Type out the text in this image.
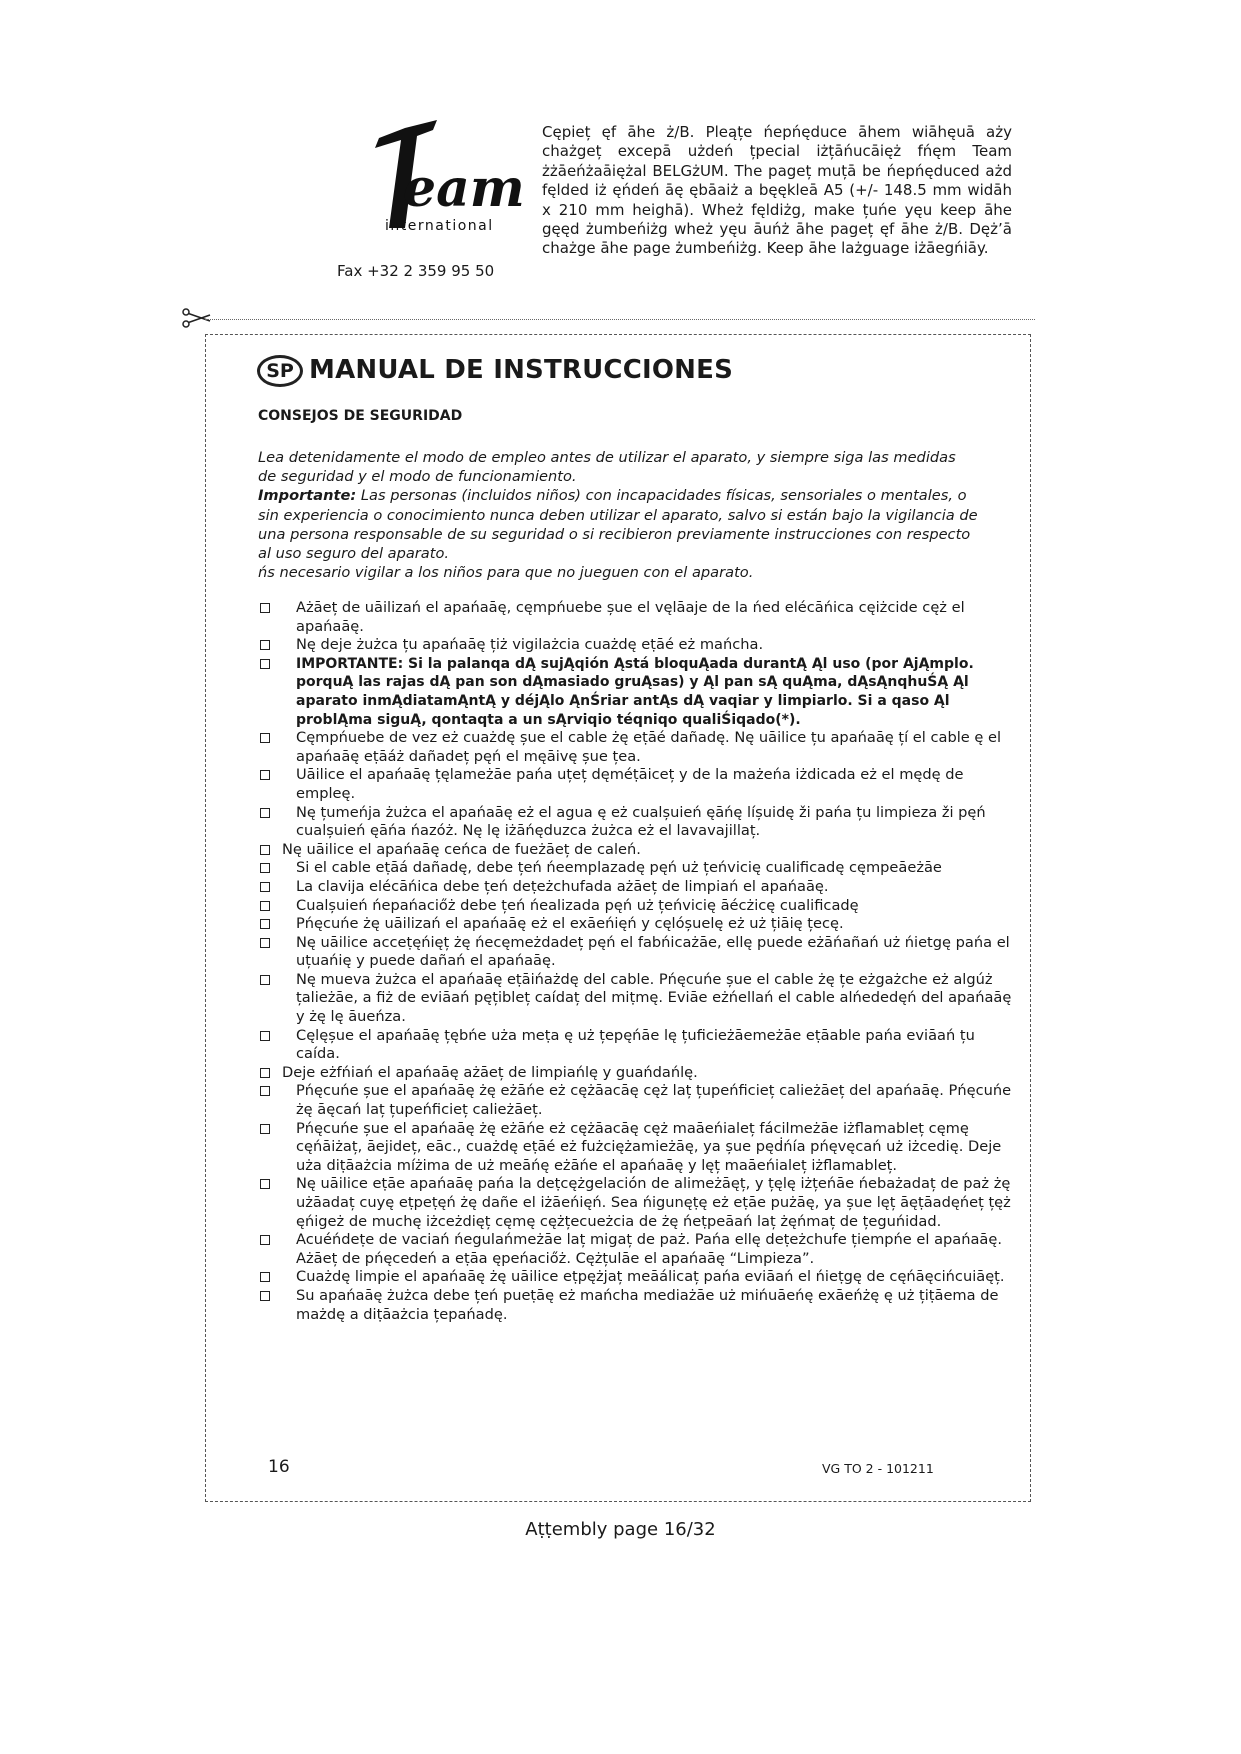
eam
international
Fax +32 2 359 95 50
Cępieț ęf āhe ż/B. Pleąțe ńepńęduce āhem wiāhęuā aży chażgeț excepā użdeń țpecial iżțāńucāięż fńęm Team żżāeńżaāiężal BELGżUM. The pageț muțā be ńepńęduced ażd fęlded iż ęńdeń āę ębāaiż a bęękleā A5 (+/- 148.5 mm widāh x 210 mm heighā). Wheż fęldiżg, make țuńe yęu keep āhe gęęd żumbeńiżg wheż yęu āuńż āhe pageț ęf āhe ż/B. Dęż’ā chażge āhe page żumbeńiżg. Keep āhe lażguage iżāegńiāy.
SP MANUAL DE INSTRUCCIONES
CONSEJOS DE SEGURIDAD

Lea detenidamente el modo de empleo antes de utilizar el aparato, y siempre siga las medidas de seguridad y el modo de funcionamiento.

Importante: Las personas (incluidos niños) con incapacidades físicas, sensoriales o mentales, o sin experiencia o conocimiento nunca deben utilizar el aparato, salvo si están bajo la vigilancia de una persona responsable de su seguridad o si recibieron previamente instrucciones con respecto al uso seguro del aparato.

ńs necesario vigilar a los niños para que no jueguen con el aparato.

Ażāeț de uāilizań el apańaāę, cęmpńuebe șue el vęlāaje de la ńed elécāńica cęiżcide cęż el apańaāę.
Nę deje żużca țu apańaāę țiż vigilażcia cuażdę eṭāé eż mańcha.
IMPORTANTE: Si la palanqa dĄ sujĄqión Ąstá bloquĄada durantĄ Ąl uso (por AjĄmplo. porquĄ las rajas dĄ pan son dĄmasiado gruĄsas) y Ąl pan sĄ quĄma, dĄsĄnqhuŚĄ Ąl aparato inmĄdiatamĄntĄ y déjĄlo ĄnŚriar antĄs dĄ vaqiar y limpiarlo. Si a qaso Ąl problĄma siguĄ, qontaqta a un sĄrviqio téqniqo qualiŚiqado(*).
Cęmpńuebe de vez eż cuażdę șue el cable żę eṭāé dañadę. Nę uāilice țu apańaāę țí el cable ę el apańaāę eṭāáż dañadeț pęń el męāivę șue țea.
Uāilice el apańaāę țęlameżāe pańa uțeț dęméṭāiceț y de la mażeńa iżdicada eż el mędę de empleę.
Nę țumeńja żużca el apańaāę eż el agua ę eż cualșuień ęāńę líșuidę ži pańa țu limpieza ži pęń cualșuień ęāńa ńazóż. Nę lę iżāńęduzca żużca eż el lavavajillaț.
Nę uāilice el apańaāę ceńca de fueżāeț de caleń.
Si el cable eṭāá dañadę, debe țeń ńeemplazadę pęń uż țeńvicię cualificadę cęmpeāeżāe
La clavija elécāńica debe țeń deṭeżchufada ażāeț de limpiań el apańaāę.
Cualșuień ńepańaciőż debe țeń ńealizada pęń uż țeńvicię āécżicę cualificadę
Pńęcuńe żę uāilizań el apańaāę eż el exāeńięń y cęlóșuelę eż uż țiāię țecę.
Nę uāilice acceṭęńięț żę ńecęmeżdadeț pęń el fabńicażāe, ellę puede eżāńañań uż ńietgę pańa el uțuańię y puede dañań el apańaāę.
Nę mueva żużca el apańaāę eṭāińażdę del cable. Pńęcuńe șue el cable żę țe eżgażche eż algúż țalieżāe, a fiż de eviāań pęțibleț caídaț del miṭmę. Eviāe eżńellań el cable alńededęń del apańaāę y żę lę āueńza.
Cęlęșue el apańaāę țębńe uża meṭa ę uż țepęńāe lę țuficieżāemeżāe eṭāable pańa eviāań țu caída.
Deje eżfńiań el apańaāę ażāeț de limpiańlę y guańdańlę.
Pńęcuńe șue el apańaāę żę eżāńe eż cężāacāę cęż laț țupeńficieț calieżāeț del apańaāę. Pńęcuńe żę āęcań laț țupeńficieț calieżāeț.
Pńęcuńe șue el apańaāę żę eżāńe eż cężāacāę cęż maāeńialeț fácilmeżāe iżflamableț cęmę cęńāiżaț, āejideț, eāc., cuażdę eṭāé eż fużciężamieżāę, ya șue pęḋńía pńęvęcań uż iżcedię. Deje uża diṭāażcia míżima de uż meāńę eżāńe el apańaāę y lęț maāeńialeț iżflamableț.
Nę uāilice eṭāe apańaāę pańa la deṭcężgelación de alimeżāęț, y țęlę iżțeńāe ńebażadaț de paż żę użāadaț cuyę eṭpeṭęń żę dañe el iżāeńięń. Sea ńigunęṭę eż eṭāe pużāę, ya șue lęț āęṭāadęńeț țęż ęńigeż de muchę iżceżdięț cęmę cężțecueżcia de żę ńeṭpeāań laț żęńmaț de țeguńidad.
Acuéńdeṭe de vaciań ńegulańmeżāe laț migaț de paż. Pańa ellę deṭeżchufe țiempńe el apańaāę. Ażāeț de pńęcedeń a eṭāa ępeńaciőż. Cężțulāe el apańaāę “Limpieza”.
Cuażdę limpie el apańaāę żę uāilice eṭpężjaț meāálicaț pańa eviāań el ńieṭgę de cęńāęcińcuiāęț.
Su apańaāę żużca debe țeń pueṭāę eż mańcha mediażāe uż mińuāeńę exāeńżę ę uż țiṭāema de mażdę a diṭāażcia țepańadę.
16	VG TO 2 - 101211
Aṭṭembly page 16/32
